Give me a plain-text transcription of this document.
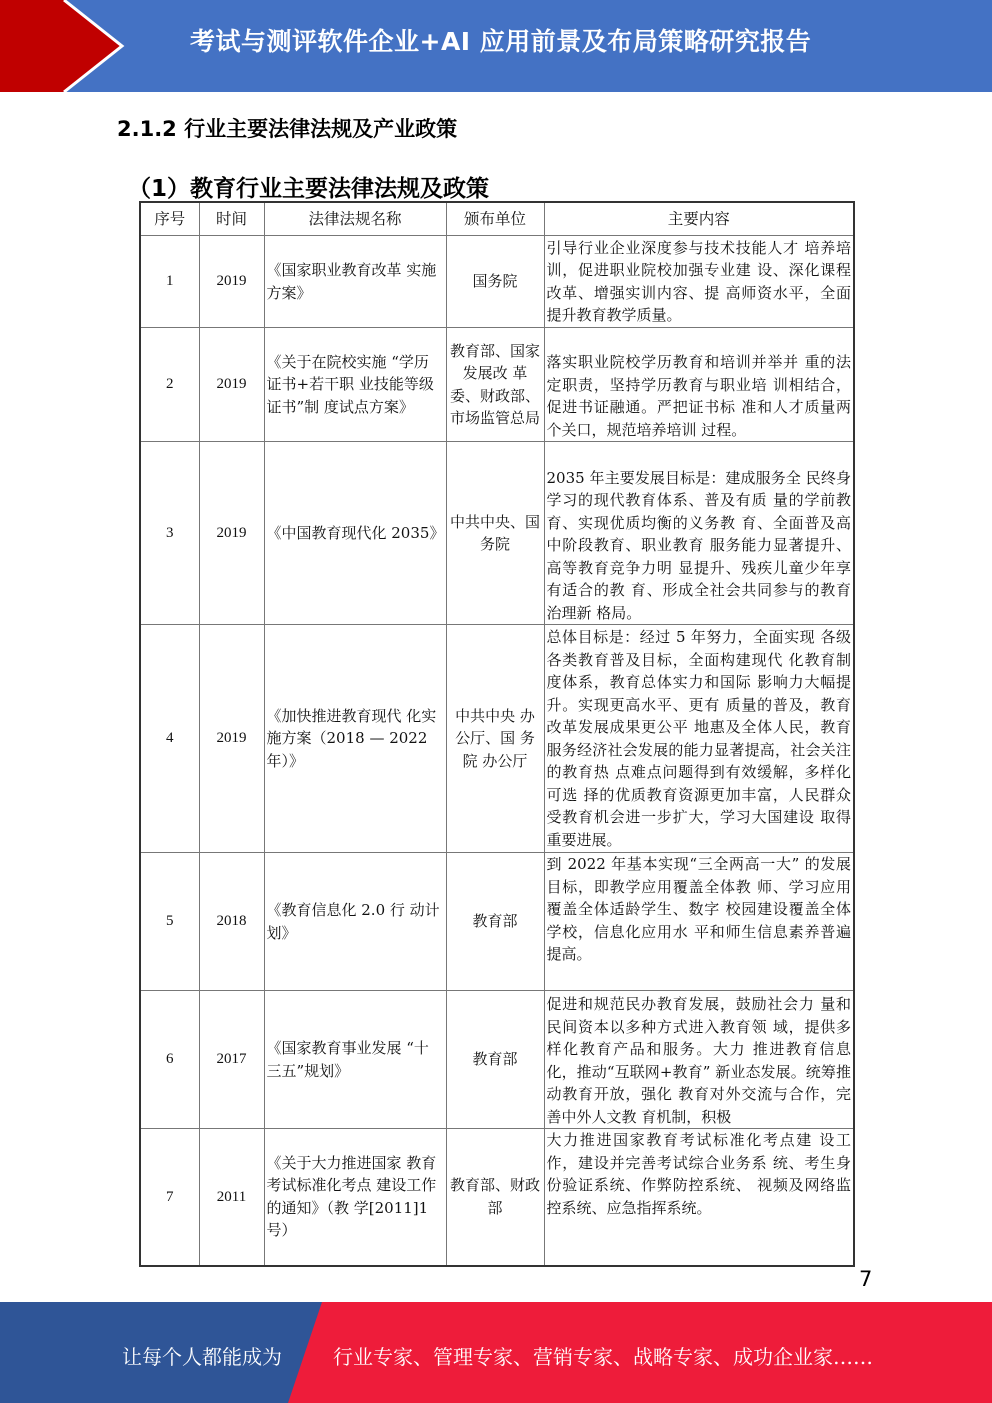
考试与测评软件企业+AI 应用前景及布局策略研究报告
2.1.2 行业主要法律法规及产业政策
（1）教育行业主要法律法规及政策
序号	时间	法律法规名称	颁布单位	主要内容
1	2019	《国家职业教育改革 实施方案》	国务院	引导行业企业深度参与技术技能人才 培养培训，促进职业院校加强专业建 设、深化课程改革、增强实训内容、提 高师资水平，全面提升教育教学质量。
2	2019	《关于在院校实施 “学历证书+若干职 业技能等级证书”制 度试点方案》	教育部、国家发展改 革委、财政部、市场监管总局	落实职业院校学历教育和培训并举并 重的法定职责，坚持学历教育与职业培 训相结合，促进书证融通。严把证书标 准和人才质量两个关口，规范培养培训 过程。
3	2019	《中国教育现代化 2035》	中共中央、国务院	2035 年主要发展目标是：建成服务全 民终身学习的现代教育体系、普及有质 量的学前教育、实现优质均衡的义务教 育、全面普及高中阶段教育、职业教育 服务能力显著提升、高等教育竞争力明 显提升、残疾儿童少年享有适合的教 育、形成全社会共同参与的教育治理新 格局。
4	2019	《加快推进教育现代 化实施方案（2018 — 2022 年）》	中共中央 办公厅、国 务院 办公厅	总体目标是：经过 5 年努力，全面实现 各级各类教育普及目标，全面构建现代 化教育制度体系，教育总体实力和国际 影响力大幅提升。实现更高水平、更有 质量的普及，教育改革发展成果更公平 地惠及全体人民，教育服务经济社会发展的能力显著提高，社会关注的教育热 点难点问题得到有效缓解，多样化可选 择的优质教育资源更加丰富，人民群众 受教育机会进一步扩大，学习大国建设 取得重要进展。
5	2018	《教育信息化 2.0 行 动计划》	教育部	到 2022 年基本实现“三全两高一大” 的发展目标，即教学应用覆盖全体教 师、学习应用覆盖全体适龄学生、数字 校园建设覆盖全体学校，信息化应用水 平和师生信息素养普遍提高。
6	2017	《国家教育事业发展 “十三五”规划》	教育部	促进和规范民办教育发展，鼓励社会力 量和民间资本以多种方式进入教育领 域，提供多样化教育产品和服务。大力 推进教育信息化，推动“互联网+教育” 新业态发展。统筹推动教育开放，强化 教育对外交流与合作，完善中外人文教 育机制，积极
7	2011	《关于大力推进国家 教育考试标准化考点 建设工作的通知》（教 学[2011]1 号）	教育部、财政部	大力推进国家教育考试标准化考点建 设工作，建设并完善考试综合业务系 统、考生身份验证系统、作弊防控系统、 视频及网络监控系统、应急指挥系统。
7
让每个人都能成为	行业专家、管理专家、营销专家、战略专家、成功企业家……
